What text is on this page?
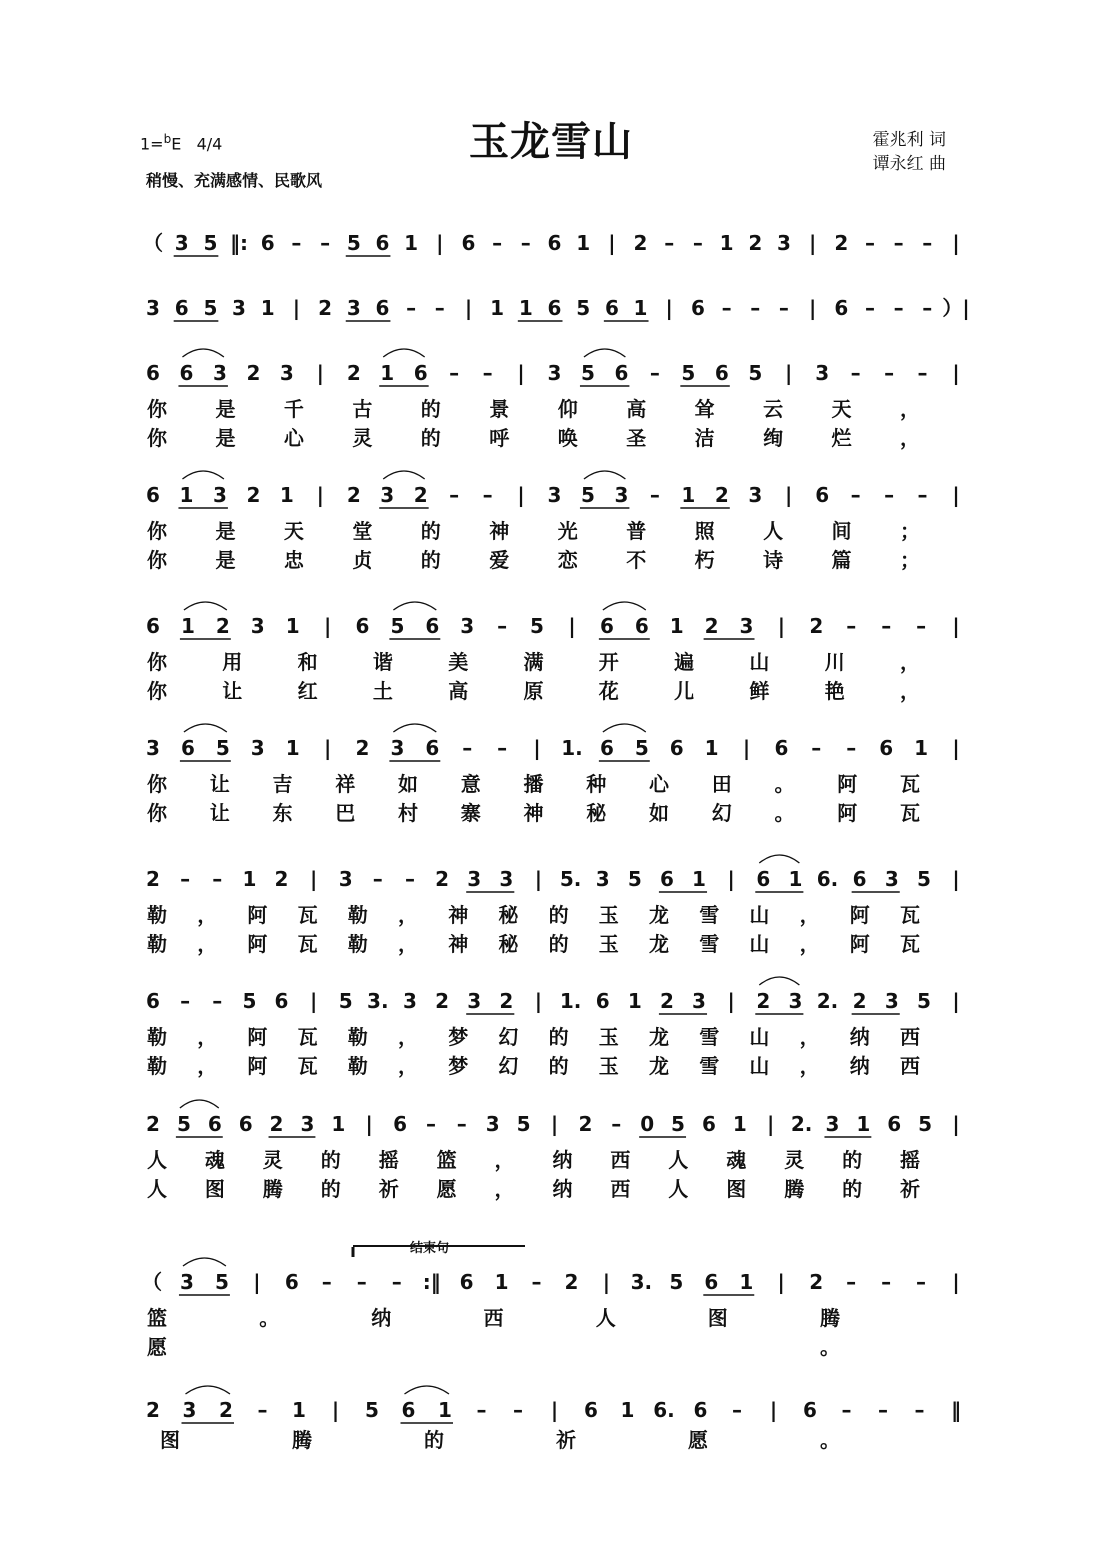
玉龙雪山
1=$^b$E 4/4
稍慢、充满感情、民歌风
霍兆利 词
谭永红 曲
结束句
（ 3 5 ‖: 6 – – 5 6 1 | 6 – – 6 1 | 2 – – 1 2 3 | 2 – – – |
3 6 5 3 1 | 2 3 6 – – | 1 1 6 5 6 1 | 6 – – – | 6 – – – ）|
6 6 3 2 3 | 2 1 6 – – | 3 5 6 – 5 6 5 | 3 – – – |
你 是 千 古 的 景 仰 高 耸 云 天 ，
你 是 心 灵 的 呼 唤 圣 洁 绚 烂 ，
6 1 3 2 1 | 2 3 2 – – | 3 5 3 – 1 2 3 | 6 – – – |
你 是 天 堂 的 神 光 普 照 人 间 ；
你 是 忠 贞 的 爱 恋 不 朽 诗 篇 ；
6 1 2 3 1 | 6 5 6 3 – 5 | 6 6 1 2 3 | 2 – – – |
你	用	和	谐	美	满	开	遍	山	川	，
你	让	红	土	高	原	花	儿	鲜	艳	，
3 6 5 3 1 | 2 3 6 – – | 1. 6 5 6 1 | 6 – – 6 1 |
你 让 吉 祥 如 意 播 种 心 田 。 阿 瓦
你 让 东 巴 村 寨 神 秘 如 幻 。 阿 瓦
2 – – 1 2 | 3 – – 2 3 3 | 5. 3 5 6 1 | 6 1 6. 6 3 5 |
勒 ， 阿 瓦 勒 ， 神 秘 的 玉 龙 雪 山 ， 阿 瓦
勒 ， 阿 瓦 勒 ， 神 秘 的 玉 龙 雪 山 ， 阿 瓦
6 – – 5 6 | 5 3. 3 2 3 2 | 1. 6 1 2 3 | 2 3 2. 2 3 5 |
勒 ， 阿 瓦 勒 ， 梦 幻 的 玉 龙 雪 山 ， 纳 西
勒 ， 阿 瓦 勒 ， 梦 幻 的 玉 龙 雪 山 ， 纳 西
2 5 6 6 2 3 1 | 6 – – 3 5 | 2 – 0 5 6 1 | 2. 3 1 6 5 |
人 魂 灵 的 摇 篮 ， 纳 西 人 魂 灵 的 摇
人 图 腾 的 祈 愿 ， 纳 西 人 图 腾 的 祈
（ 3 5 | 6 – – – :‖ 6 1 – 2 | 3. 5 6 1 | 2 – – – |
篮	。	纳	西	人	图	腾
愿	。
2 3 2 – 1 | 5 6 1 – – | 6 1 6. 6 – | 6 – – – ‖
图	腾	的	祈	愿	。
